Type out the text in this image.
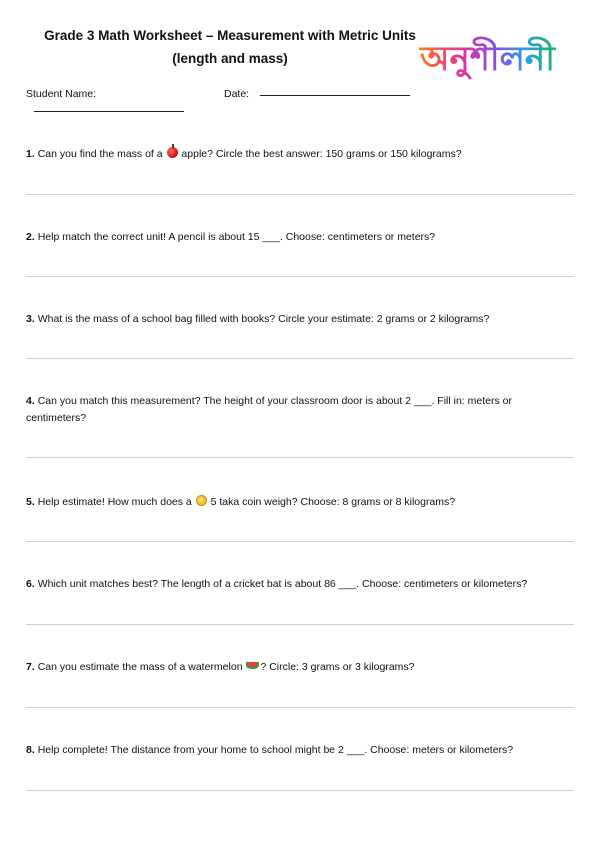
Grade 3 Math Worksheet – Measurement with Metric Units
(length and mass)	অনুশীলনী
Student Name:	Date:
1. Can you find the mass of a  apple? Circle the best answer: 150 grams or 150 kilograms?
2. Help match the correct unit! A pencil is about 15 ___. Choose: centimeters or meters?
3. What is the mass of a school bag filled with books? Circle your estimate: 2 grams or 2 kilograms?
4. Can you match this measurement? The height of your classroom door is about 2 ___. Fill in: meters or centimeters?
5. Help estimate! How much does a  5 taka coin weigh? Choose: 8 grams or 8 kilograms?
6. Which unit matches best? The length of a cricket bat is about 86 ___. Choose: centimeters or kilometers?
7. Can you estimate the mass of a watermelon ? Circle: 3 grams or 3 kilograms?
8. Help complete! The distance from your home to school might be 2 ___. Choose: meters or kilometers?
